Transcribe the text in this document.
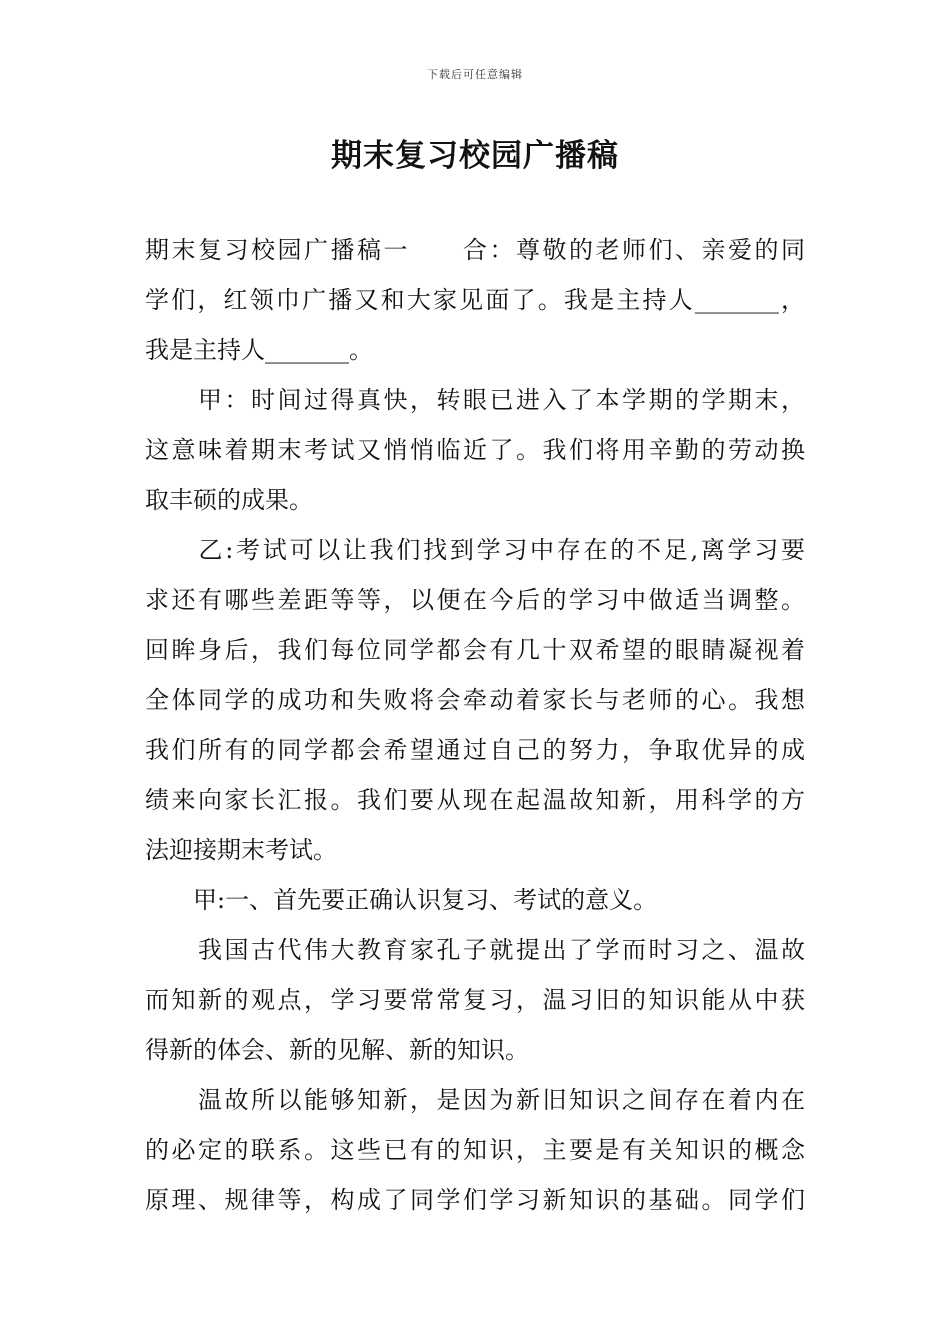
下载后可任意编辑
期末复习校园广播稿
期末复习校园广播稿一　　合：尊敬的老师们、亲爱的同
学们，红领巾广播又和大家见面了。我是主持人_______，
我是主持人_______。
　　甲：时间过得真快，转眼已进入了本学期的学期末，
这意味着期末考试又悄悄临近了。我们将用辛勤的劳动换
取丰硕的成果。
　　乙:考试可以让我们找到学习中存在的不足,离学习要
求还有哪些差距等等，以便在今后的学习中做适当调整。
回眸身后，我们每位同学都会有几十双希望的眼睛凝视着
全体同学的成功和失败将会牵动着家长与老师的心。我想
我们所有的同学都会希望通过自己的努力，争取优异的成
绩来向家长汇报。我们要从现在起温故知新，用科学的方
法迎接期末考试。
　　甲:一、首先要正确认识复习、考试的意义。
　　我国古代伟大教育家孔子就提出了学而时习之、温故
而知新的观点，学习要常常复习，温习旧的知识能从中获
得新的体会、新的见解、新的知识。
　　温故所以能够知新，是因为新旧知识之间存在着内在
的必定的联系。这些已有的知识，主要是有关知识的概念
原理、规律等，构成了同学们学习新知识的基础。同学们
